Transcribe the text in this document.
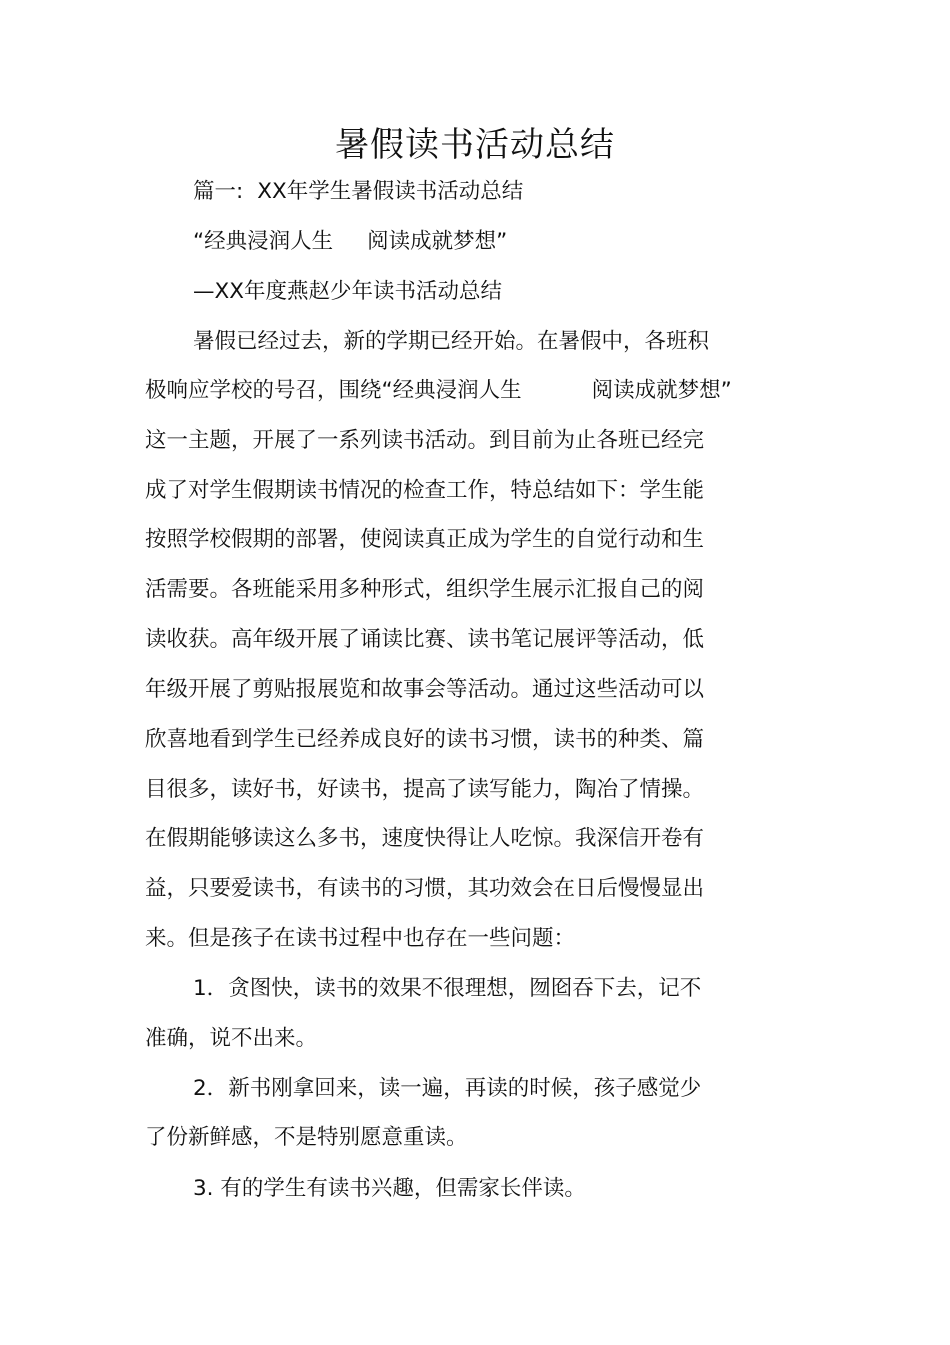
暑假读书活动总结
篇一: XX年学生暑假读书活动总结
“经典浸润人生 阅读成就梦想”
—XX年度燕赵少年读书活动总结
暑假已经过去，新的学期已经开始。在暑假中，各班积
极响应学校的号召，围绕“经典浸润人生	阅读成就梦想”
这一主题，开展了一系列读书活动。到目前为止各班已经完
成了对学生假期读书情况的检查工作，特总结如下：学生能
按照学校假期的部署，使阅读真正成为学生的自觉行动和生
活需要。各班能采用多种形式，组织学生展示汇报自己的阅
读收获。高年级开展了诵读比赛、读书笔记展评等活动，低
年级开展了剪贴报展览和故事会等活动。通过这些活动可以
欣喜地看到学生已经养成良好的读书习惯，读书的种类、篇
目很多，读好书，好读书，提高了读写能力，陶冶了情操。
在假期能够读这么多书，速度快得让人吃惊。我深信开卷有
益，只要爱读书，有读书的习惯，其功效会在日后慢慢显出
来。但是孩子在读书过程中也存在一些问题：
1．贪图快，读书的效果不很理想，囫囵吞下去，记不
准确，说不出来。
2．新书刚拿回来，读一遍，再读的时候，孩子感觉少
了份新鲜感，不是特别愿意重读。
3. 有的学生有读书兴趣，但需家长伴读。
